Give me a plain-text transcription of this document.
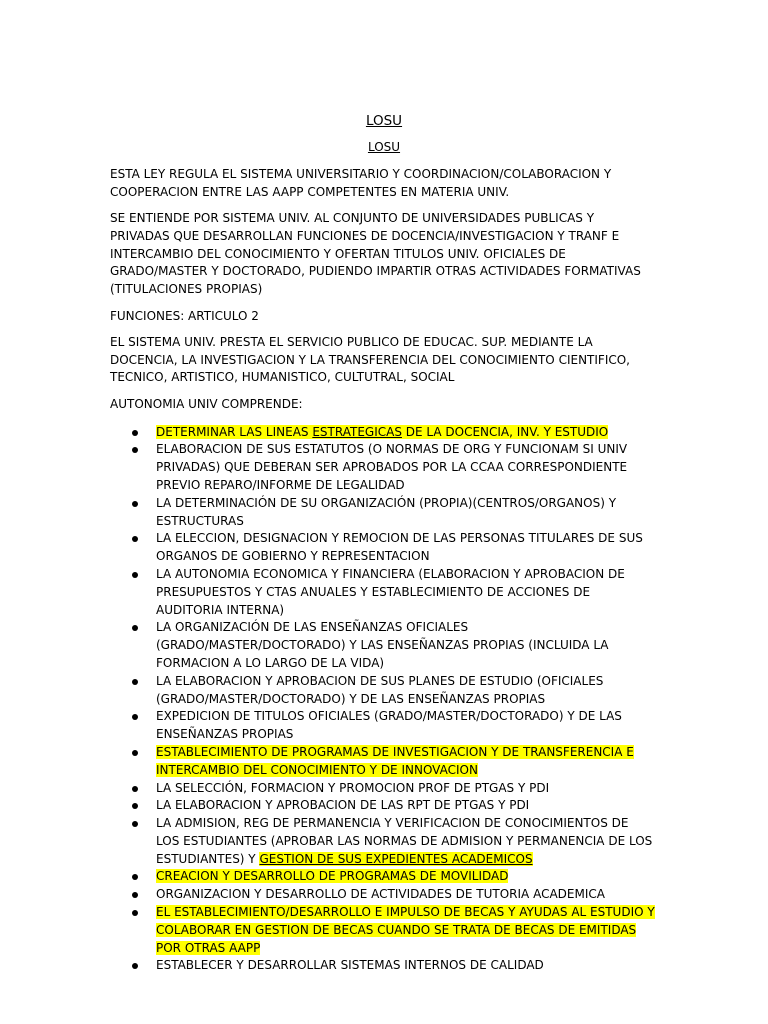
LOSU
LOSU

ESTA LEY REGULA EL SISTEMA UNIVERSITARIO Y COORDINACION/COLABORACION Y COOPERACION ENTRE LAS AAPP COMPETENTES EN MATERIA UNIV.

SE ENTIENDE POR SISTEMA UNIV. AL CONJUNTO DE UNIVERSIDADES PUBLICAS Y PRIVADAS QUE DESARROLLAN FUNCIONES DE DOCENCIA/INVESTIGACION Y TRANF E INTERCAMBIO DEL CONOCIMIENTO Y OFERTAN TITULOS UNIV. OFICIALES DE GRADO/MASTER Y DOCTORADO, PUDIENDO IMPARTIR OTRAS ACTIVIDADES FORMATIVAS (TITULACIONES PROPIAS)

FUNCIONES: ARTICULO 2

EL SISTEMA UNIV. PRESTA EL SERVICIO PUBLICO DE EDUCAC. SUP. MEDIANTE LA DOCENCIA, LA INVESTIGACION Y LA TRANSFERENCIA DEL CONOCIMIENTO CIENTIFICO, TECNICO, ARTISTICO, HUMANISTICO, CULTUTRAL, SOCIAL

AUTONOMIA UNIV COMPRENDE:

DETERMINAR LAS LINEAS ESTRATEGICAS DE LA DOCENCIA, INV. Y ESTUDIO
ELABORACION DE SUS ESTATUTOS (O NORMAS DE ORG Y FUNCIONAM SI UNIV PRIVADAS) QUE DEBERAN SER APROBADOS POR LA CCAA CORRESPONDIENTE PREVIO REPARO/INFORME DE LEGALIDAD
LA DETERMINACIÓN DE SU ORGANIZACIÓN (PROPIA)(CENTROS/ORGANOS) Y ESTRUCTURAS
LA ELECCION, DESIGNACION Y REMOCION DE LAS PERSONAS TITULARES DE SUS ORGANOS DE GOBIERNO Y REPRESENTACION
LA AUTONOMIA ECONOMICA Y FINANCIERA (ELABORACION Y APROBACION DE PRESUPUESTOS Y CTAS ANUALES Y ESTABLECIMIENTO DE ACCIONES DE AUDITORIA INTERNA)
LA ORGANIZACIÓN DE LAS ENSEÑANZAS OFICIALES (GRADO/MASTER/DOCTORADO) Y LAS ENSEÑANZAS PROPIAS (INCLUIDA LA FORMACION A LO LARGO DE LA VIDA)
LA ELABORACION Y APROBACION DE SUS PLANES DE ESTUDIO (OFICIALES (GRADO/MASTER/DOCTORADO) Y DE LAS ENSEÑANZAS PROPIAS
EXPEDICION DE TITULOS OFICIALES (GRADO/MASTER/DOCTORADO) Y DE LAS ENSEÑANZAS PROPIAS
ESTABLECIMIENTO DE PROGRAMAS DE INVESTIGACION Y DE TRANSFERENCIA E INTERCAMBIO DEL CONOCIMIENTO Y DE INNOVACION
LA SELECCIÓN, FORMACION Y PROMOCION PROF DE PTGAS Y PDI
LA ELABORACION Y APROBACION DE LAS RPT DE PTGAS Y PDI
LA ADMISION, REG DE PERMANENCIA Y VERIFICACION DE CONOCIMIENTOS DE LOS ESTUDIANTES (APROBAR LAS NORMAS DE ADMISION Y PERMANENCIA DE LOS ESTUDIANTES) Y GESTION DE SUS EXPEDIENTES ACADEMICOS
CREACION Y DESARROLLO DE PROGRAMAS DE MOVILIDAD
ORGANIZACION Y DESARROLLO DE ACTIVIDADES DE TUTORIA ACADEMICA
EL ESTABLECIMIENTO/DESARROLLO E IMPULSO DE BECAS Y AYUDAS AL ESTUDIO Y COLABORAR EN GESTION DE BECAS CUANDO SE TRATA DE BECAS DE EMITIDAS POR OTRAS AAPP
ESTABLECER Y DESARROLLAR SISTEMAS INTERNOS DE CALIDAD
